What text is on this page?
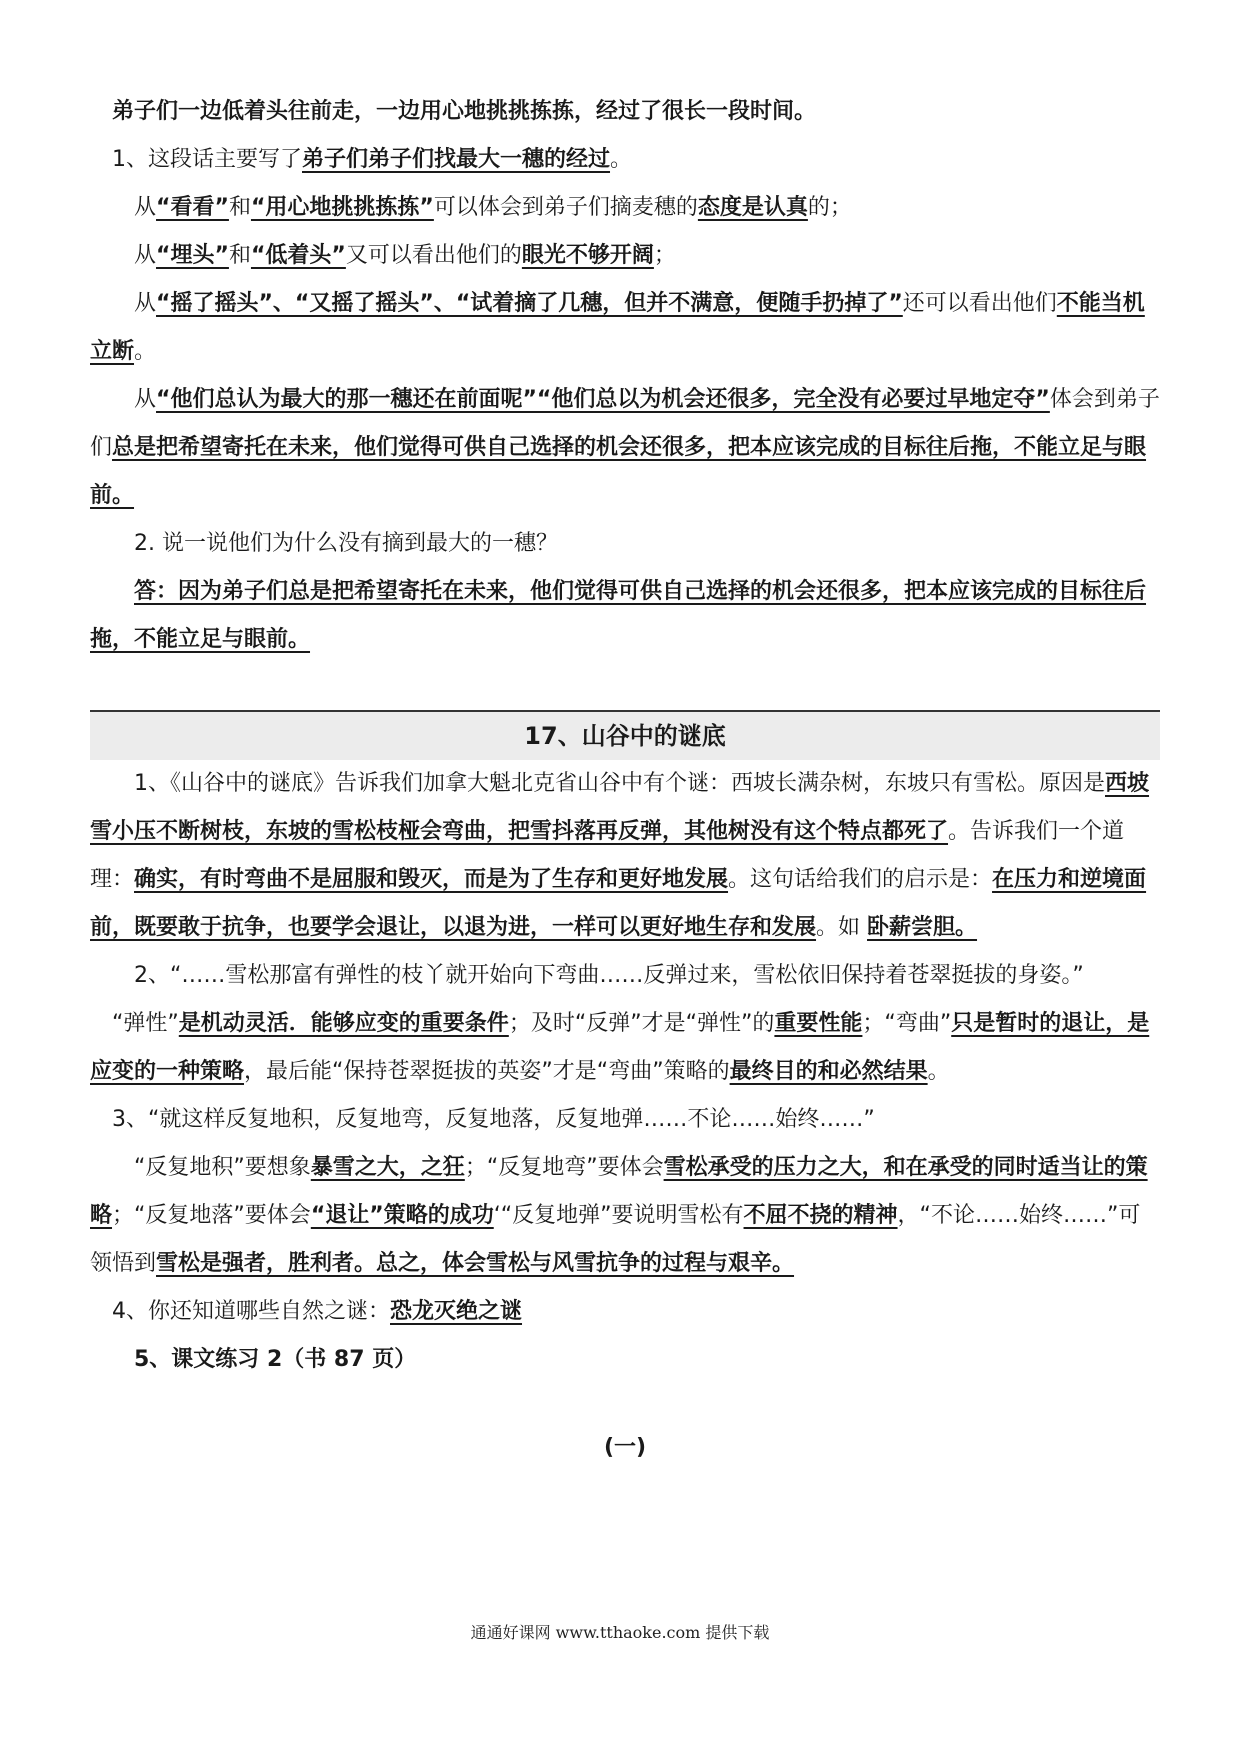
弟子们一边低着头往前走，一边用心地挑挑拣拣，经过了很长一段时间。

1、这段话主要写了弟子们弟子们找最大一穗的经过。

从“看看”和“用心地挑挑拣拣”可以体会到弟子们摘麦穗的态度是认真的；

从“埋头”和“低着头”又可以看出他们的眼光不够开阔；

从“摇了摇头”、“又摇了摇头”、“试着摘了几穗，但并不满意，便随手扔掉了”还可以看出他们不能当机立断。

从“他们总认为最大的那一穗还在前面呢”“他们总以为机会还很多，完全没有必要过早地定夺”体会到弟子们总是把希望寄托在未来，他们觉得可供自己选择的机会还很多，把本应该完成的目标往后拖，不能立足与眼前。

2. 说一说他们为什么没有摘到最大的一穗？

答：因为弟子们总是把希望寄托在未来，他们觉得可供自己选择的机会还很多，把本应该完成的目标往后拖，不能立足与眼前。

17、山谷中的谜底

1、《山谷中的谜底》告诉我们加拿大魁北克省山谷中有个谜：西坡长满杂树，东坡只有雪松。原因是西坡雪小压不断树枝，东坡的雪松枝桠会弯曲，把雪抖落再反弹，其他树没有这个特点都死了。告诉我们一个道理：确实，有时弯曲不是屈服和毁灭，而是为了生存和更好地发展。这句话给我们的启示是：在压力和逆境面前，既要敢于抗争，也要学会退让，以退为进，一样可以更好地生存和发展。如 卧薪尝胆。

2、“……雪松那富有弹性的枝丫就开始向下弯曲……反弹过来，雪松依旧保持着苍翠挺拔的身姿。”

“弹性”是机动灵活．能够应变的重要条件；及时“反弹”才是“弹性”的重要性能；“弯曲”只是暂时的退让，是应变的一种策略，最后能“保持苍翠挺拔的英姿”才是“弯曲”策略的最终目的和必然结果。

3、“就这样反复地积，反复地弯，反复地落，反复地弹……不论……始终……”

“反复地积”要想象暴雪之大，之狂；“反复地弯”要体会雪松承受的压力之大，和在承受的同时适当让的策略；“反复地落”要体会“退让”策略的成功‘“反复地弹”要说明雪松有不屈不挠的精神，“不论……始终……”可领悟到雪松是强者，胜利者。总之，体会雪松与风雪抗争的过程与艰辛。

4、你还知道哪些自然之谜：恐龙灭绝之谜

5、课文练习 2（书 87 页）

(一)
通通好课网 www.tthaoke.com 提供下载
